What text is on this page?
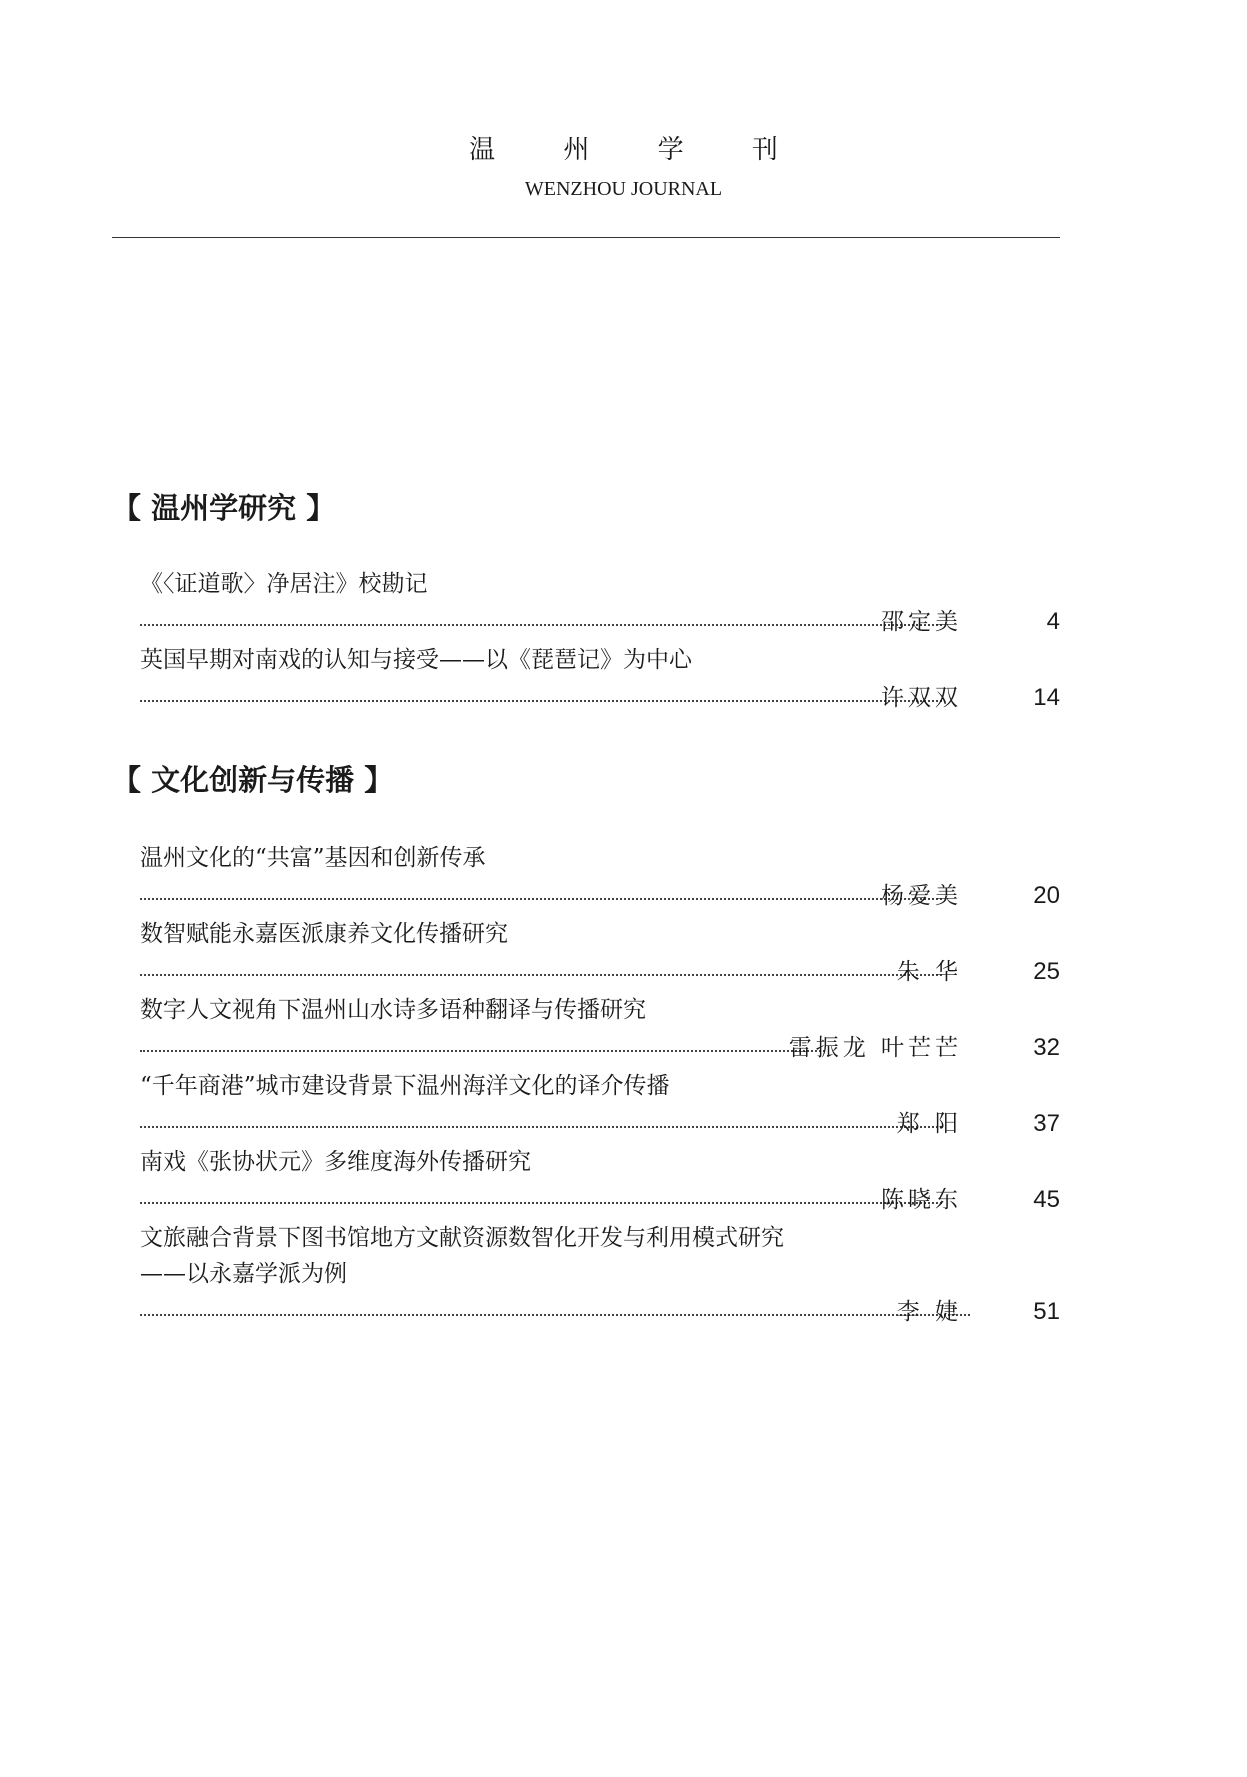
温 州 学 刊
WENZHOU JOURNAL
【 温州学研究 】
《〈证道歌〉净居注》校勘记
邵定美	4
英国早期对南戏的认知与接受——以《琵琶记》为中心
许双双	14
【 文化创新与传播 】
温州文化的“共富”基因和创新传承
杨爱美	20
数智赋能永嘉医派康养文化传播研究
朱 华	25
数字人文视角下温州山水诗多语种翻译与传播研究
雷振龙 叶芒芒	32
“千年商港”城市建设背景下温州海洋文化的译介传播
郑 阳	37
南戏《张协状元》多维度海外传播研究
陈晓东	45
文旅融合背景下图书馆地方文献资源数智化开发与利用模式研究
——以永嘉学派为例
李 婕	51
